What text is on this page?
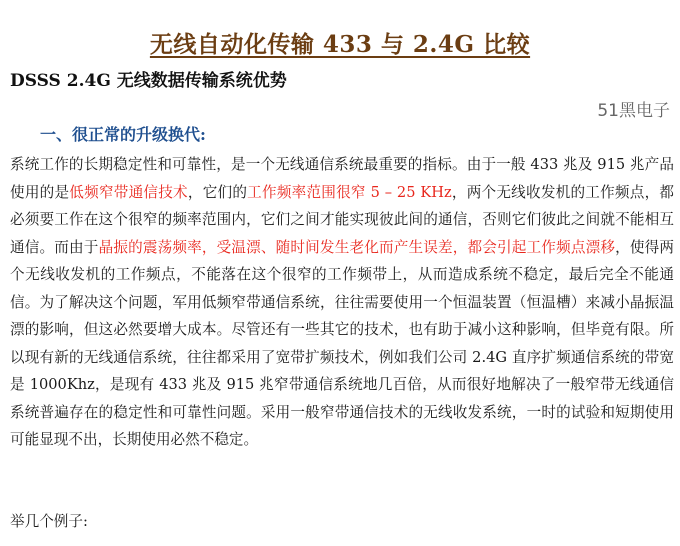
无线自动化传输 433 与 2.4G 比较
DSSS 2.4G 无线数据传输系统优势
51黑电子
一、很正常的升级换代:

系统工作的长期稳定性和可靠性，是一个无线通信系统最重要的指标。由于一般 433 兆及 915 兆产品使用的是低频窄带通信技术，它们的工作频率范围很窄 5 – 25 KHz，两个无线收发机的工作频点，都必须要工作在这个很窄的频率范围内，它们之间才能实现彼此间的通信，否则它们彼此之间就不能相互通信。而由于晶振的震荡频率，受温漂、随时间发生老化而产生误差，都会引起工作频点漂移，使得两个无线收发机的工作频点，不能落在这个很窄的工作频带上，从而造成系统不稳定，最后完全不能通信。为了解决这个问题，军用低频窄带通信系统，往往需要使用一个恒温装置（恒温槽）来减小晶振温漂的影响，但这必然要增大成本。尽管还有一些其它的技术，也有助于减小这种影响，但毕竟有限。所以现有新的无线通信系统，往往都采用了宽带扩频技术，例如我们公司 2.4G 直序扩频通信系统的带宽是 1000Khz，是现有 433 兆及 915 兆窄带通信系统地几百倍，从而很好地解决了一般窄带无线通信系统普遍存在的稳定性和可靠性问题。采用一般窄带通信技术的无线收发系统，一时的试验和短期使用可能显现不出，长期使用必然不稳定。

举几个例子:
